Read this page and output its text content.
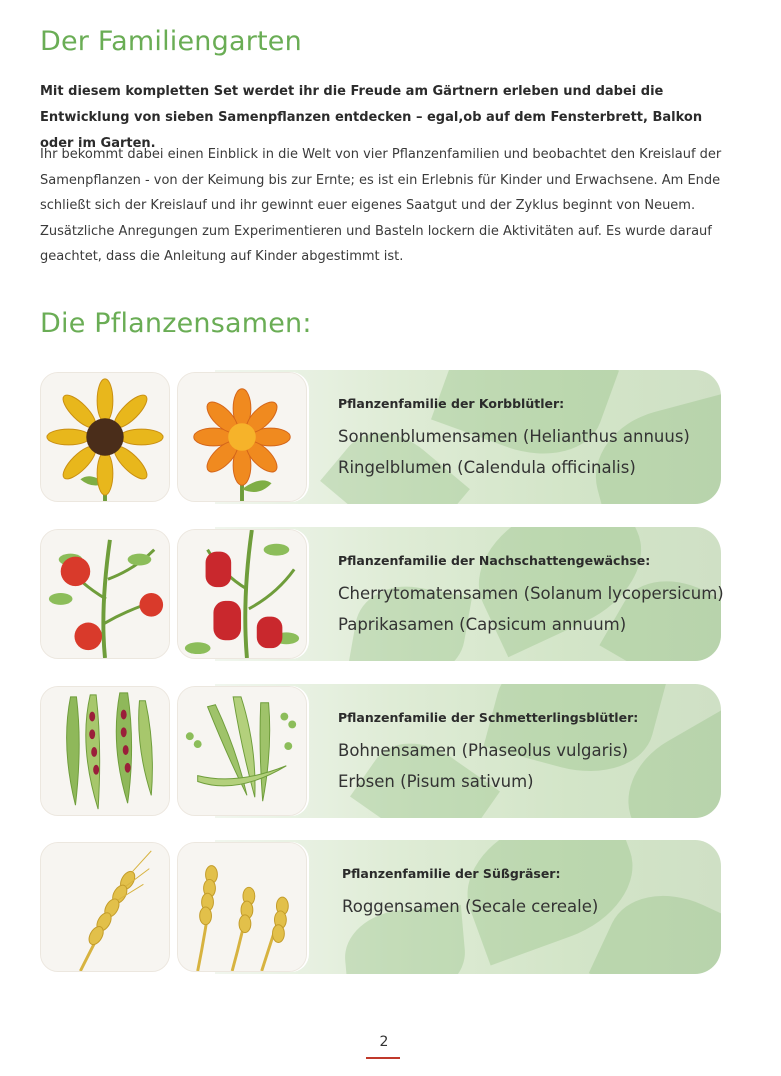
Der Familiengarten

Mit diesem kompletten Set werdet ihr die Freude am Gärtnern erleben und dabei die Entwicklung von sieben Samenpflanzen entdecken – egal,ob auf dem Fensterbrett, Balkon oder im Garten.

Ihr bekommt dabei einen Einblick in die Welt von vier Pflanzenfamilien und beobachtet den Kreislauf der Samenpflanzen - von der Keimung bis zur Ernte; es ist ein Erlebnis für Kinder und Erwachsene. Am Ende schließt sich der Kreislauf und ihr gewinnt euer eigenes Saatgut und der Zyklus beginnt von Neuem. Zusätzliche Anregungen zum Experimentieren und Basteln lockern die Aktivitäten auf. Es wurde darauf geachtet, dass die Anleitung auf Kinder abgestimmt ist.

Die Pflanzensamen:

Pflanzenfamilie der Korbblütler:

Sonnenblumensamen (Helianthus annuus)

Ringelblumen (Calendula officinalis)

Pflanzenfamilie der Nachschattengewächse:

Cherrytomatensamen (Solanum lycopersicum)

Paprikasamen (Capsicum annuum)

Pflanzenfamilie der Schmetterlingsblütler:

Bohnensamen (Phaseolus vulgaris)

Erbsen (Pisum sativum)

Pflanzenfamilie der Süßgräser:

Roggensamen (Secale cereale)

2
